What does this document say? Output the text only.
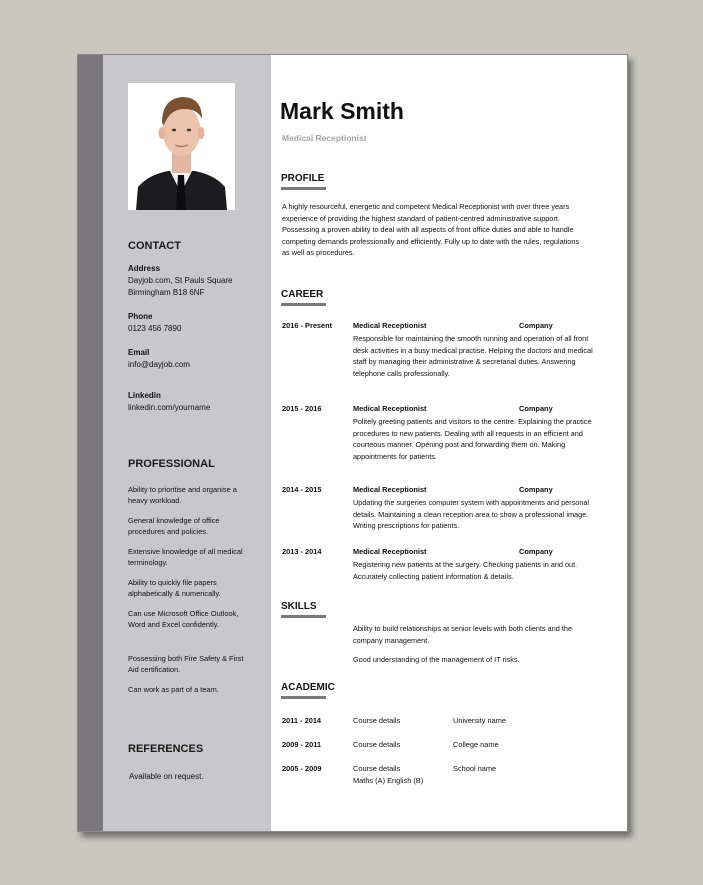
CONTACT
Address
Dayjob.com, St Pauls Square
Birmingham B18 6NF
Phone
0123 456 7890
Email
info@dayjob.com
Linkedin
linkedin.com/yourname
PROFESSIONAL
Ability to prioritise and organise a heavy workload.
General knowledge of office procedures and policies.
Extensive knowledge of all medical terminology.
Ability to quickly file papers alphabetically & numerically.
Can use Microsoft Office Outlook, Word and Excel confidently.
Possessing both Fire Safety & First Aid certification.
Can work as part of a team.
REFERENCES
Available on request.
Mark Smith
Medical Receptionist
PROFILE
A highly resourceful, energetic and competent Medical Receptionist with over three years experience of providing the highest standard of patient-centred administrative support. Possessing a proven ability to deal with all aspects of front office duties and able to handle competing demands professionally and efficiently. Fully up to date with the rules, regulations as well as procedures.
CAREER
2016 - Present	Medical Receptionist	Company
Responsible for maintaining the smooth running and operation of all front desk activities in a busy medical practise. Helping the doctors and medical staff by managing their administrative & secretarial duties. Answering telephone calls professionally.
2015 - 2016	Medical Receptionist	Company
Politely greeting patients and visitors to the centre. Explaining the practice procedures to new patients. Dealing with all requests in an efficient and courteous manner. Opening post and forwarding them on. Making appointments for patients.
2014 - 2015	Medical Receptionist	Company
Updating the surgeries computer system with appointments and personal details. Maintaining a clean reception area to show a professional image. Writing prescriptions for patients.
2013 - 2014	Medical Receptionist	Company
Registering new patients at the surgery. Checking patients in and out. Accurately collecting patient information & details.
SKILLS
Ability to build relationships at senior levels with both clients and the company management.
Good understanding of the management of IT risks.
ACADEMIC
2011 - 2014	Course details	University name
2009 - 2011	Course details	College name
2005 - 2009	Course details	School name
Maths (A) English (B)
